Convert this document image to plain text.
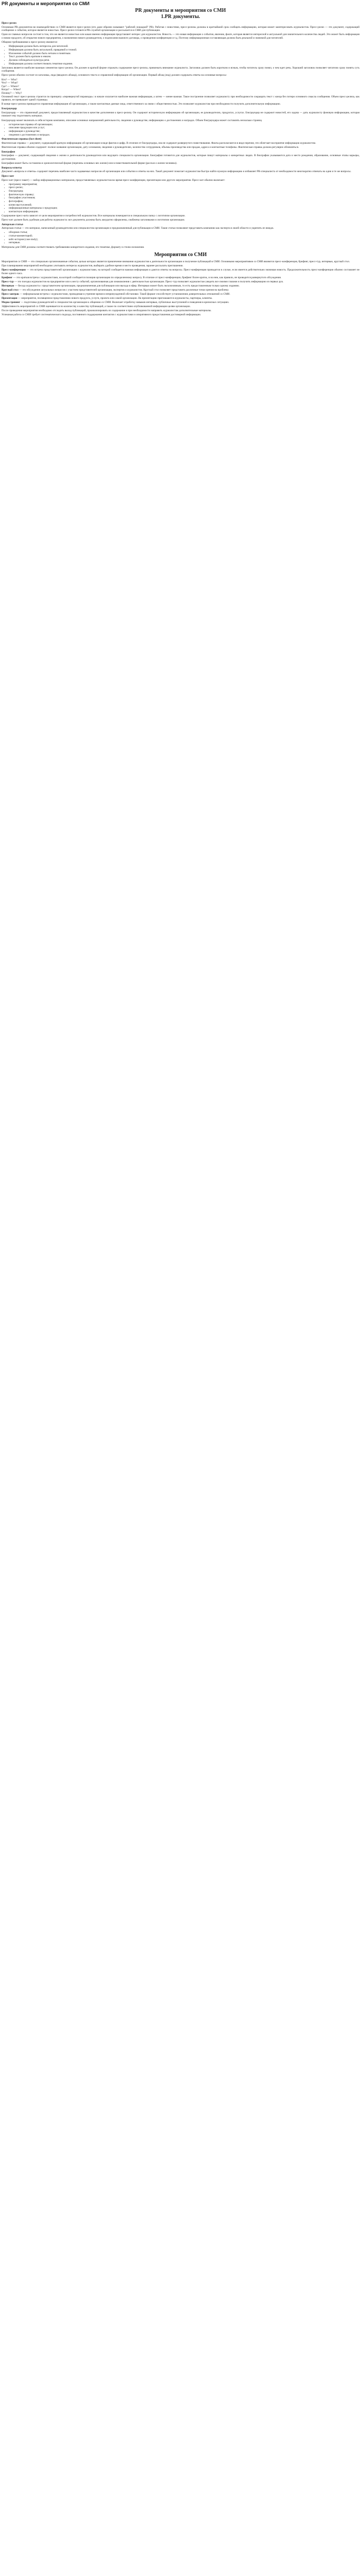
PR документы и мероприятия со СМИ
PR документы и мероприятия со СМИ
1.PR документы.
Пресс-релиз

Основным PR-документом во взаимодействии со СМИ является пресс-релиз (его даже образно называют "рабочей лошадкой" PR). Работая с новостями, пресс-релизы должны в кратчайший срок сообщать информацию, которая может заинтересовать журналистов. Пресс-релиз — это документ, содержащий сообщение о событии, которое является новостью. Пресс-релиз готовится PR-службой организации и рассылается в СМИ для публикации.

Одни из главных вопросов состоит в том, что же является новостью или какая именно информация представляет интерес для журналистов. Новость — это новая информация о событии, явлении, факте, которая является интересной и актуальной для значительного количества людей. Это может быть информация о новом продукте, об открытии нового предприятия, о назначении нового руководителя, о подписании важного договора, о проведении конференции и т.д. Поэтому информационная составляющая должна быть реальной и значимой для читателей.

Общими требованиями к пресс-релизу являются:

• Информация должна быть интересна для читателей.
• Информация должна быть актуальной, правдивой и точной.
• Изложение событий должно быть четким и понятным.
• Текст должен быть кратким и емким.
• Должна соблюдаться культура речи.
• Информация должна соответствовать тематике издания.

Заголовок является наиболее важным элементом пресс-релиза. Он должен в краткой форме отражать содержание пресс-релиза, привлекать внимание журналиста. Заголовок должен быть коротким и ясным, чтобы читатель сразу понял, о чем идет речь. Хороший заголовок позволяет читателю сразу понять суть сообщения.

Пресс-релиз обычно состоит из заголовка, лида (вводного абзаца), основного текста и справочной информации об организации. Первый абзац (лид) должен содержать ответы на основные вопросы:

Кто? — Who?
Что? — What?
Где? — Where?
Когда? — When?
Почему? — Why?

Основной текст пресс-релиза строится по принципу «перевернутой пирамиды»: в начале излагается наиболее важная информация, а затем — менее важная. Такое построение позволяет журналисту при необходимости сокращать текст с конца без потери основного смысла сообщения. Объем пресс-релиза, как правило, не превышает одной страницы.

В конце пресс-релиза приводится справочная информация об организации, а также контактные данные лица, ответственного за связи с общественностью. Это позволяет журналистам при необходимости получить дополнительную информацию.

Бэкграундер

Бэкграундер — это справочный документ, предоставляемый журналистам в качестве дополнения к пресс-релизу. Он содержит историческую информацию об организации, ее руководителях, продуктах, услугах. Бэкграундер не содержит новостей, его задача — дать журналисту фоновую информацию, которая поможет ему подготовить материал.

Бэкграундер может включать в себя историю компании, описание основных направлений деятельности, сведения о руководстве, информацию о достижениях и наградах. Объем бэкграундера может составлять несколько страниц.

• историческая справка об организации;
• описание продукции или услуг;
• информация о руководстве;
• сведения о достижениях и наградах.
Фактическая справка (fact sheet)

Фактическая справка — документ, содержащий краткую информацию об организации в виде фактов и цифр. В отличие от бэкграундера, она не содержит развернутого повествования. Факты располагаются в виде перечня, что облегчает восприятие информации журналистом.

Фактическая справка обычно содержит: полное название организации, дату основания, сведения о руководителях, количество сотрудников, объемы производства или продаж, адреса и контактные телефоны. Фактическая справка должна регулярно обновляться.

Биография

Биография — документ, содержащий сведения о жизни и деятельности руководителя или ведущего специалиста организации. Биография готовится для журналистов, которые пишут материалы о конкретных людях. В биографии указываются дата и место рождения, образование, основные этапы карьеры, достижения.

Биография может быть составлена в хронологической форме (перечень основных вех жизни) или в повествовательной форме (рассказ о жизни человека).

Вопросы-ответы

Документ «вопросы и ответы» содержит перечень наиболее часто задаваемых вопросов об организации или событии и ответы на них. Такой документ помогает журналистам быстро найти нужную информацию и избавляет PR-специалиста от необходимости многократно отвечать на одни и те же вопросы.

Пресс-кит

Пресс-кит (пресс-пакет) — набор информационных материалов, предоставляемых журналистам во время пресс-конференции, презентации или другого мероприятия. Пресс-кит обычно включает:

• программу мероприятия;
• пресс-релиз;
• бэкграундер;
• фактическую справку;
• биографии участников;
• фотографии;
• копии выступлений;
• информационные материалы о продукции;
• контактную информацию.

Содержание пресс-кита зависит от цели мероприятия и потребностей журналистов. Все материалы помещаются в специальную папку с логотипом организации.

Пресс-кит должен быть удобным для работы журналиста: все документы должны быть аккуратно оформлены, снабжены заголовками и логотипом организации.

Авторская статья

Авторская статья — это материал, написанный руководителем или специалистом организации и предназначенный для публикации в СМИ. Такие статьи позволяют представить компанию как эксперта в своей области и укрепить ее имидж.

• обзорная статья;
• статья-комментарий;
• кейс-история (case study);
• интервью.

Материалы для СМИ должны соответствовать требованиям конкретного издания, его тематике, формату и стилю изложения.

Мероприятия со СМИ

Мероприятия со СМИ — это специально организованные события, целью которых является привлечение внимания журналистов к деятельности организации и получение публикаций в СМИ. Основными мероприятиями со СМИ являются пресс-конференция, брифинг, пресс-тур, интервью, круглый стол.

При планировании мероприятий необходимо учитывать интересы журналистов, выбирать удобное время и место проведения, заранее рассылать приглашения.

Пресс-конференция — это встреча представителей организации с журналистами, на которой сообщается важная информация и даются ответы на вопросы. Пресс-конференция проводится в случае, если имеется действительно значимая новость. Продолжительность пресс-конференции обычно составляет не более одного часа.

Брифинг — это краткая встреча с журналистами, на которой сообщается позиция организации по определенному вопросу. В отличие от пресс-конференции, брифинг более краток, и на нем, как правило, не проводится развернутого обсуждения.

Пресс-тур — это поездка журналистов на предприятие или к месту событий, организованная для ознакомления с деятельностью организации. Пресс-тур позволяет журналистам увидеть все своими глазами и получить информацию из первых рук.

Интервью — беседа журналиста с представителем организации, предназначенная для публикации или выхода в эфир. Интервью может быть эксклюзивным, то есть предоставленным только одному изданию.

Круглый стол — это обсуждение актуальных вопросов с участием представителей организации, экспертов и журналистов. Круглый стол позволяет представить различные точки зрения на проблему.

Пресс-завтрак — неформальная встреча с журналистами, проводимая в утреннее время в непринужденной обстановке. Такой формат способствует установлению доверительных отношений со СМИ.

Презентация — мероприятие, посвященное представлению нового продукта, услуги, проекта или самой организации. На презентацию приглашаются журналисты, партнеры, клиенты.

Медиа-тренинг — подготовка руководителей и специалистов организации к общению со СМИ. Включает отработку навыков интервью, публичных выступлений и поведения в кризисных ситуациях.

Эффективность мероприятий со СМИ оценивается по количеству и качеству публикаций, а также по соответствию опубликованной информации целям организации.

После проведения мероприятия необходимо отследить выход публикаций, проанализировать их содержание и при необходимости направить журналистам дополнительные материалы.

Успешная работа со СМИ требует систематического подхода, постоянного поддержания контактов с журналистами и оперативного предоставления достоверной информации.
